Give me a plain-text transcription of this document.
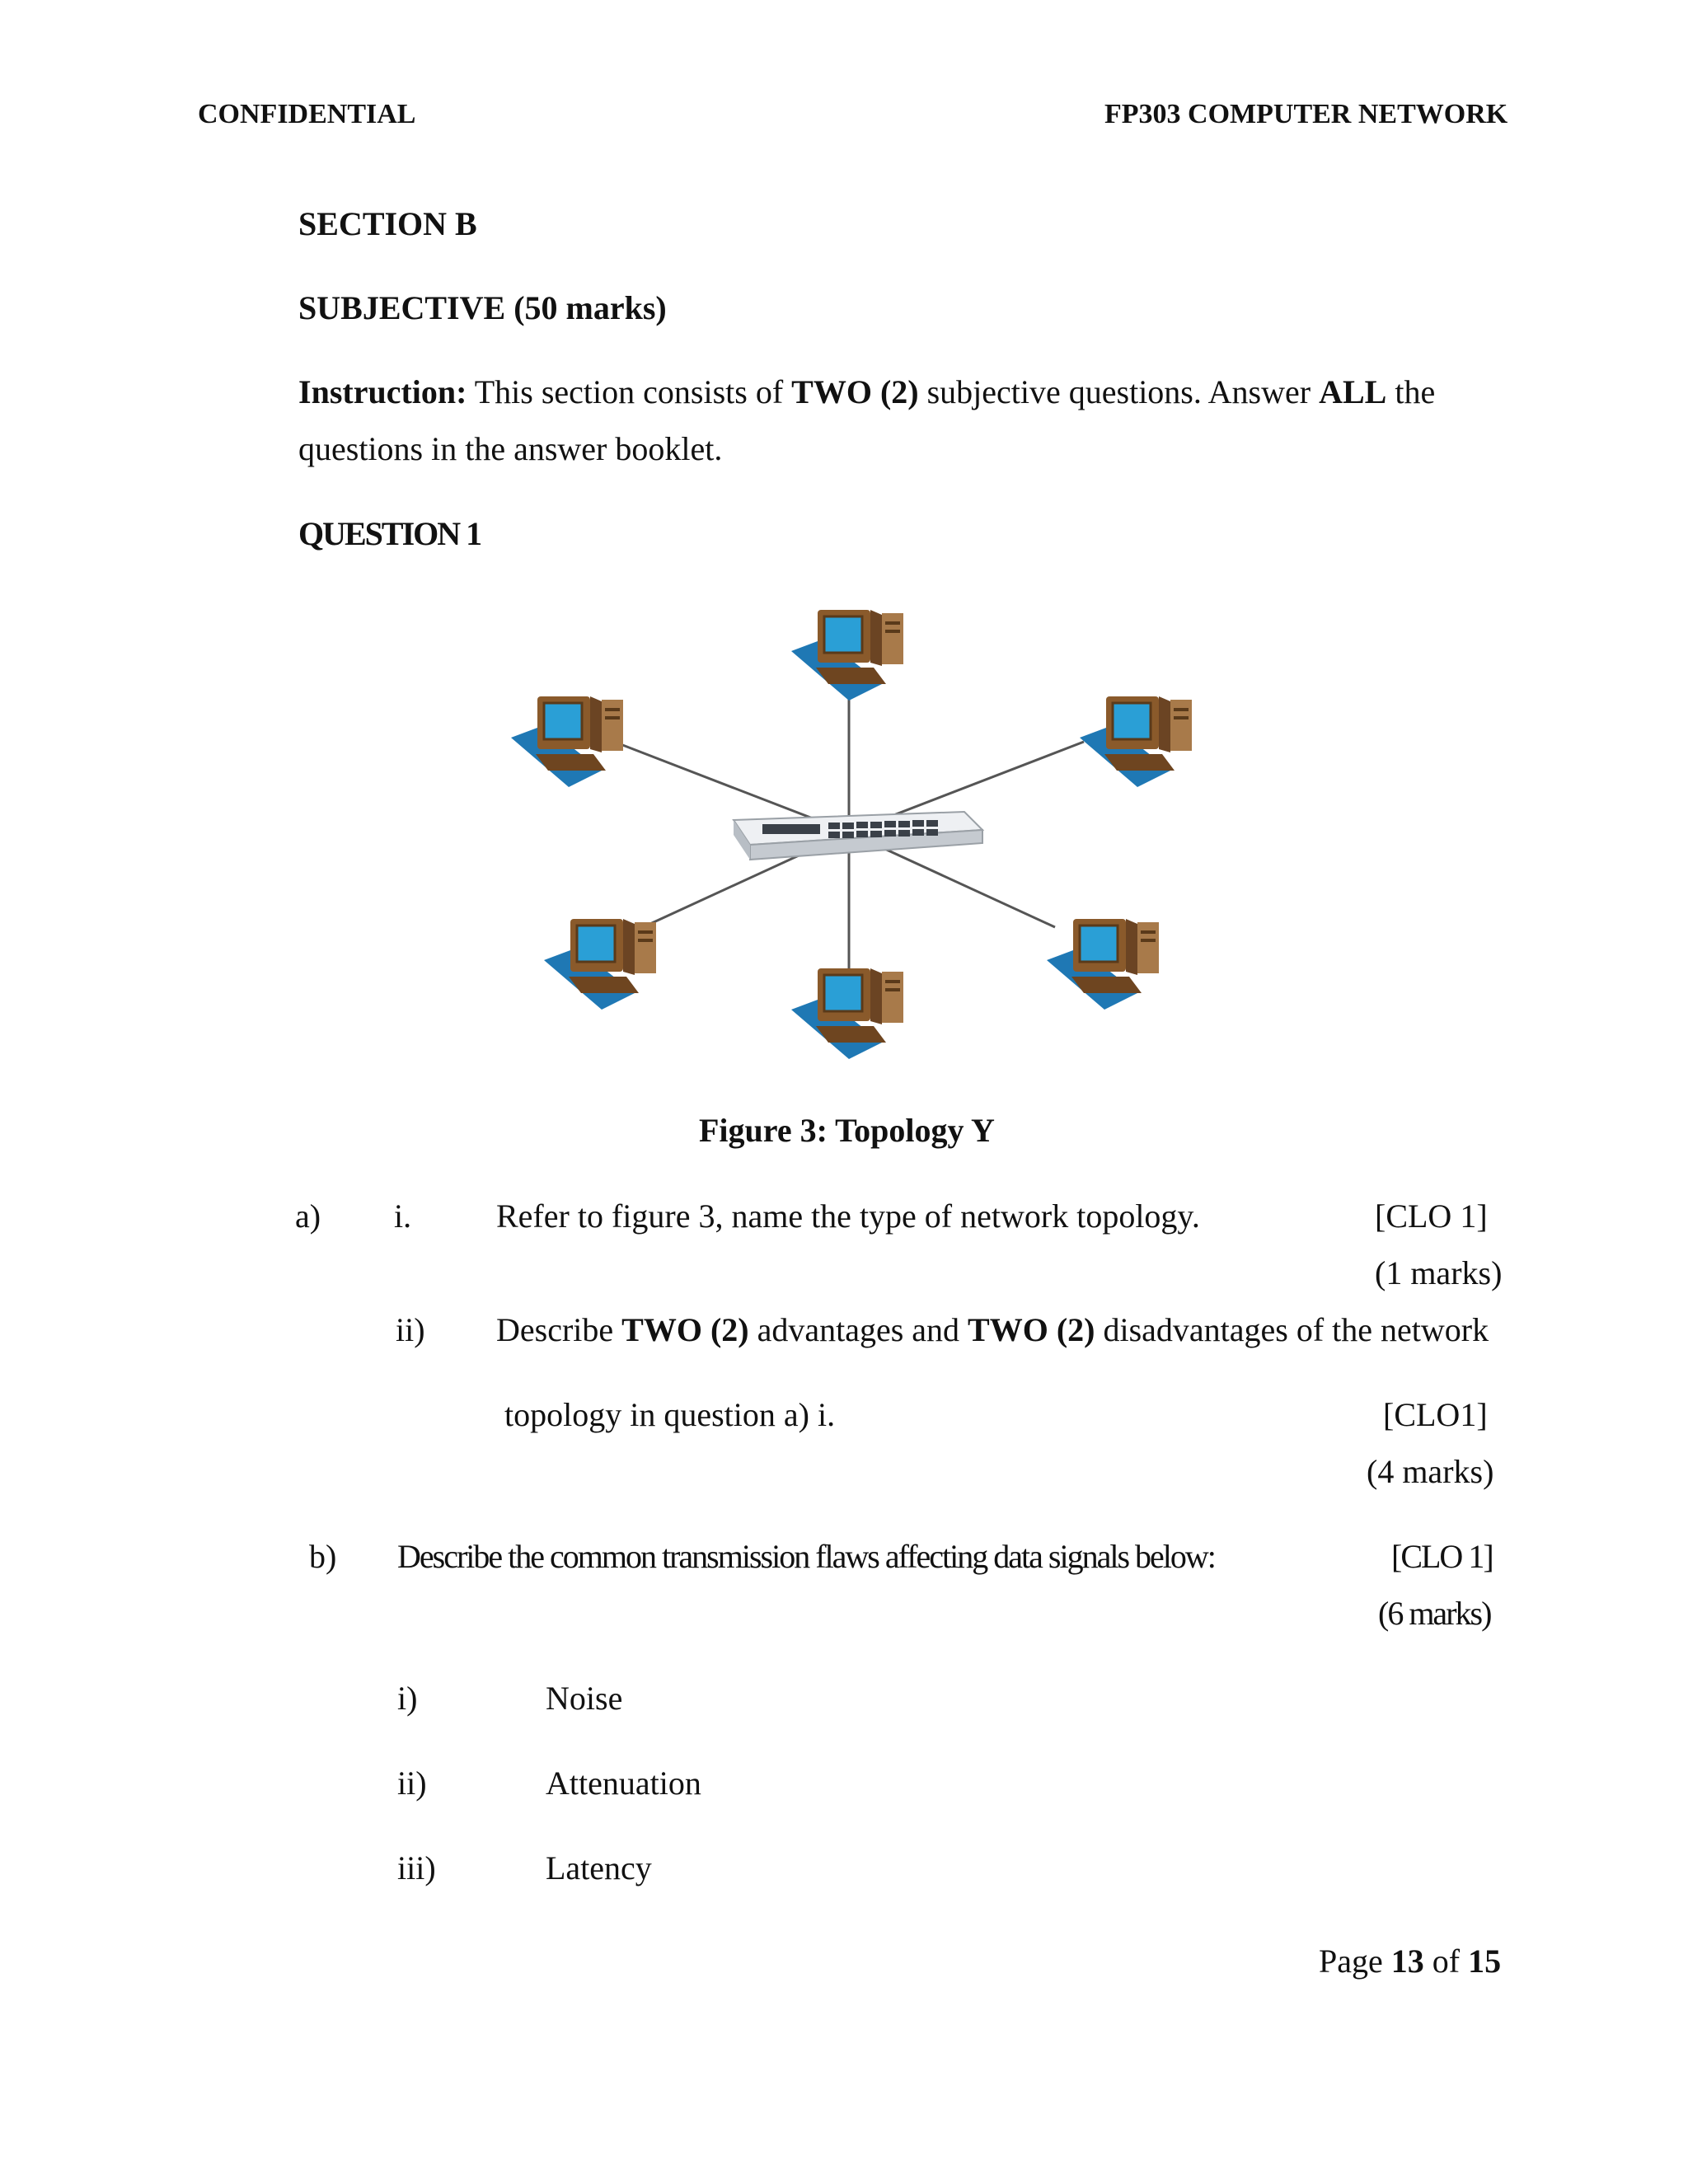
CONFIDENTIAL	FP303 COMPUTER NETWORK
SECTION B
SUBJECTIVE (50 marks)
Instruction: This section consists of TWO (2) subjective questions. Answer ALL the
questions in the answer booklet.
QUESTION 1
Figure 3: Topology Y
a) i.	Refer to figure 3, name the type of network topology.	[CLO 1]
(1 marks)
ii) Describe TWO (2) advantages and TWO (2) disadvantages of the network
topology in question a) i.	[CLO1]
(4 marks)
b) Describe the common transmission flaws affecting data signals below:	[CLO 1]
(6 marks)
i)	Noise
ii)	Attenuation
iii)	Latency
Page 13 of 15
